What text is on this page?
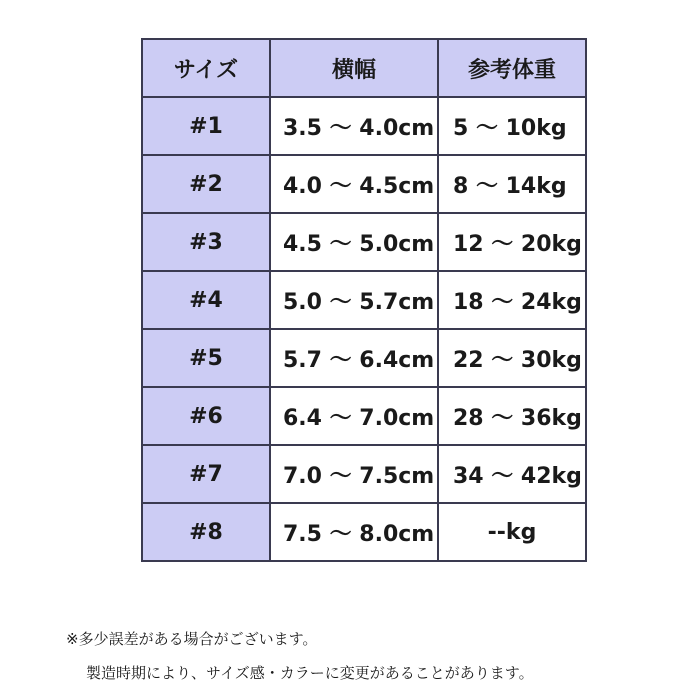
サイズ	横幅	参考体重
#1	3.5 ～ 4.0cm	5 ～ 10kg
#2	4.0 ～ 4.5cm	8 ～ 14kg
#3	4.5 ～ 5.0cm	12 ～ 20kg
#4	5.0 ～ 5.7cm	18 ～ 24kg
#5	5.7 ～ 6.4cm	22 ～ 30kg
#6	6.4 ～ 7.0cm	28 ～ 36kg
#7	7.0 ～ 7.5cm	34 ～ 42kg
#8	7.5 ～ 8.0cm	--kg
※多少誤差がある場合がございます。
製造時期により、サイズ感・カラーに変更があることがあります。
